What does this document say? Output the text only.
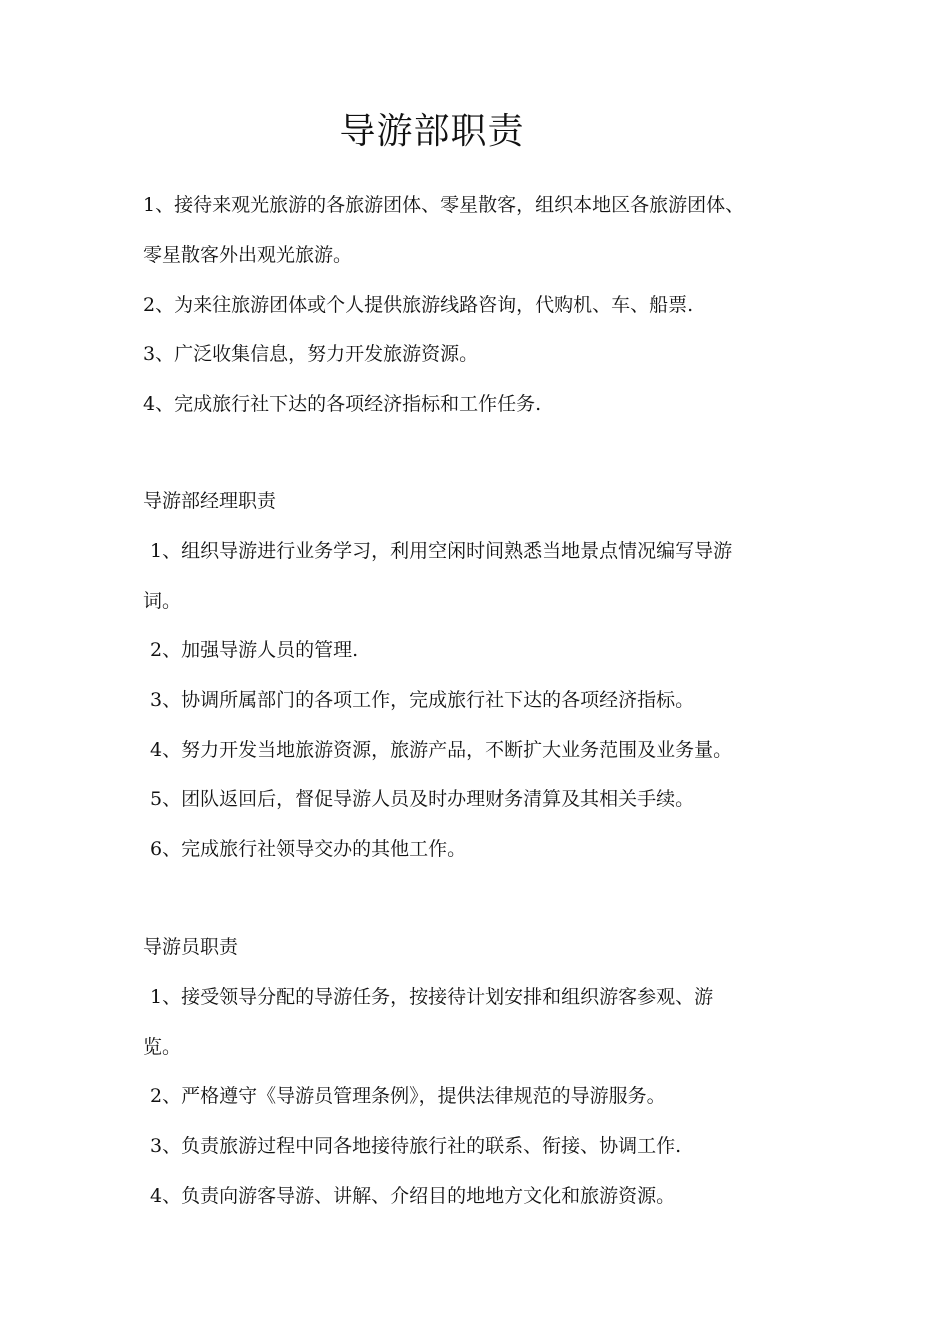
导游部职责
1、接待来观光旅游的各旅游团体、零星散客，组织本地区各旅游团体、
零星散客外出观光旅游。
2、为来往旅游团体或个人提供旅游线路咨询，代购机、车、船票.
3、广泛收集信息，努力开发旅游资源。
4、完成旅行社下达的各项经济指标和工作任务.
导游部经理职责
1、组织导游进行业务学习，利用空闲时间熟悉当地景点情况编写导游
词。
2、加强导游人员的管理.
3、协调所属部门的各项工作，完成旅行社下达的各项经济指标。
4、努力开发当地旅游资源，旅游产品，不断扩大业务范围及业务量。
5、团队返回后，督促导游人员及时办理财务清算及其相关手续。
6、完成旅行社领导交办的其他工作。
导游员职责
1、接受领导分配的导游任务，按接待计划安排和组织游客参观、游
览。
2、严格遵守《导游员管理条例》，提供法律规范的导游服务。
3、负责旅游过程中同各地接待旅行社的联系、衔接、协调工作.
4、负责向游客导游、讲解、介绍目的地地方文化和旅游资源。
